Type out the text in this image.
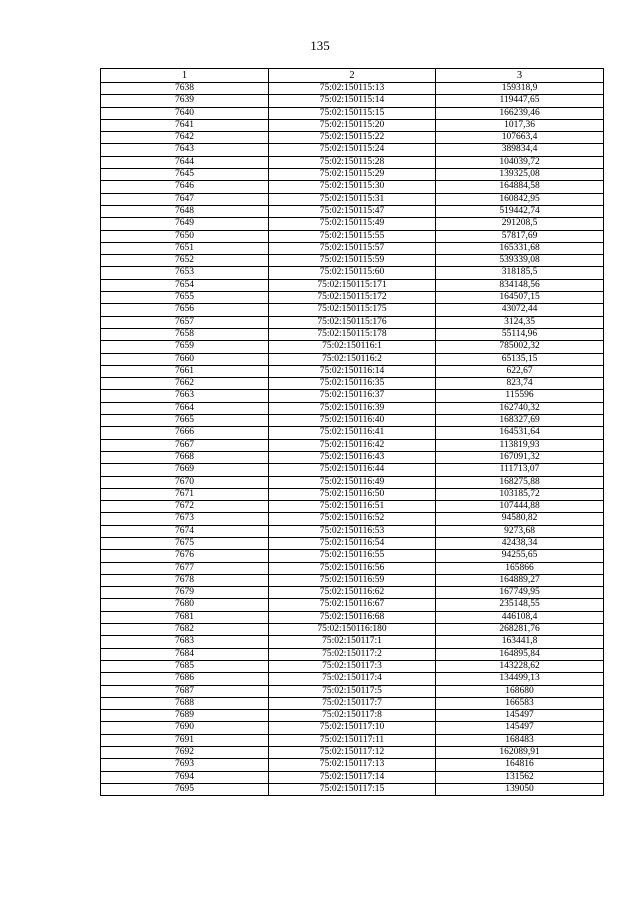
135
1	2	3
7638	75:02:150115:13	159318,9
7639	75:02:150115:14	119447,65
7640	75:02:150115:15	166239,46
7641	75:02:150115:20	1017,36
7642	75:02:150115:22	107663,4
7643	75:02:150115:24	389834,4
7644	75:02:150115:28	104039,72
7645	75:02:150115:29	139325,08
7646	75:02:150115:30	164884,58
7647	75:02:150115:31	160842,95
7648	75:02:150115:47	519442,74
7649	75:02:150115:49	291208,5
7650	75:02:150115:55	57817,69
7651	75:02:150115:57	165331,68
7652	75:02:150115:59	539339,08
7653	75:02:150115:60	318185,5
7654	75:02:150115:171	834148,56
7655	75:02:150115:172	164507,15
7656	75:02:150115:175	43072,44
7657	75:02:150115:176	3124,35
7658	75:02:150115:178	55114,96
7659	75:02:150116:1	785002,32
7660	75:02:150116:2	65135,15
7661	75:02:150116:14	622,67
7662	75:02:150116:35	823,74
7663	75:02:150116:37	115596
7664	75:02:150116:39	162740,32
7665	75:02:150116:40	168327,69
7666	75:02:150116:41	164531,64
7667	75:02:150116:42	113819,93
7668	75:02:150116:43	167091,32
7669	75:02:150116:44	111713,07
7670	75:02:150116:49	168275,88
7671	75:02:150116:50	103185,72
7672	75:02:150116:51	107444,88
7673	75:02:150116:52	94580,82
7674	75:02:150116:53	9273,68
7675	75:02:150116:54	42438,34
7676	75:02:150116:55	94255,65
7677	75:02:150116:56	165866
7678	75:02:150116:59	164889,27
7679	75:02:150116:62	167749,95
7680	75:02:150116:67	235148,55
7681	75:02:150116:68	446108,4
7682	75:02:150116:180	268281,76
7683	75:02:150117:1	163441,8
7684	75:02:150117:2	164895,84
7685	75:02:150117:3	143228,62
7686	75:02:150117:4	134499,13
7687	75:02:150117:5	168680
7688	75:02:150117:7	166583
7689	75:02:150117:8	145497
7690	75:02:150117:10	145497
7691	75:02:150117:11	168483
7692	75:02:150117:12	162089,91
7693	75:02:150117:13	164816
7694	75:02:150117:14	131562
7695	75:02:150117:15	139050
